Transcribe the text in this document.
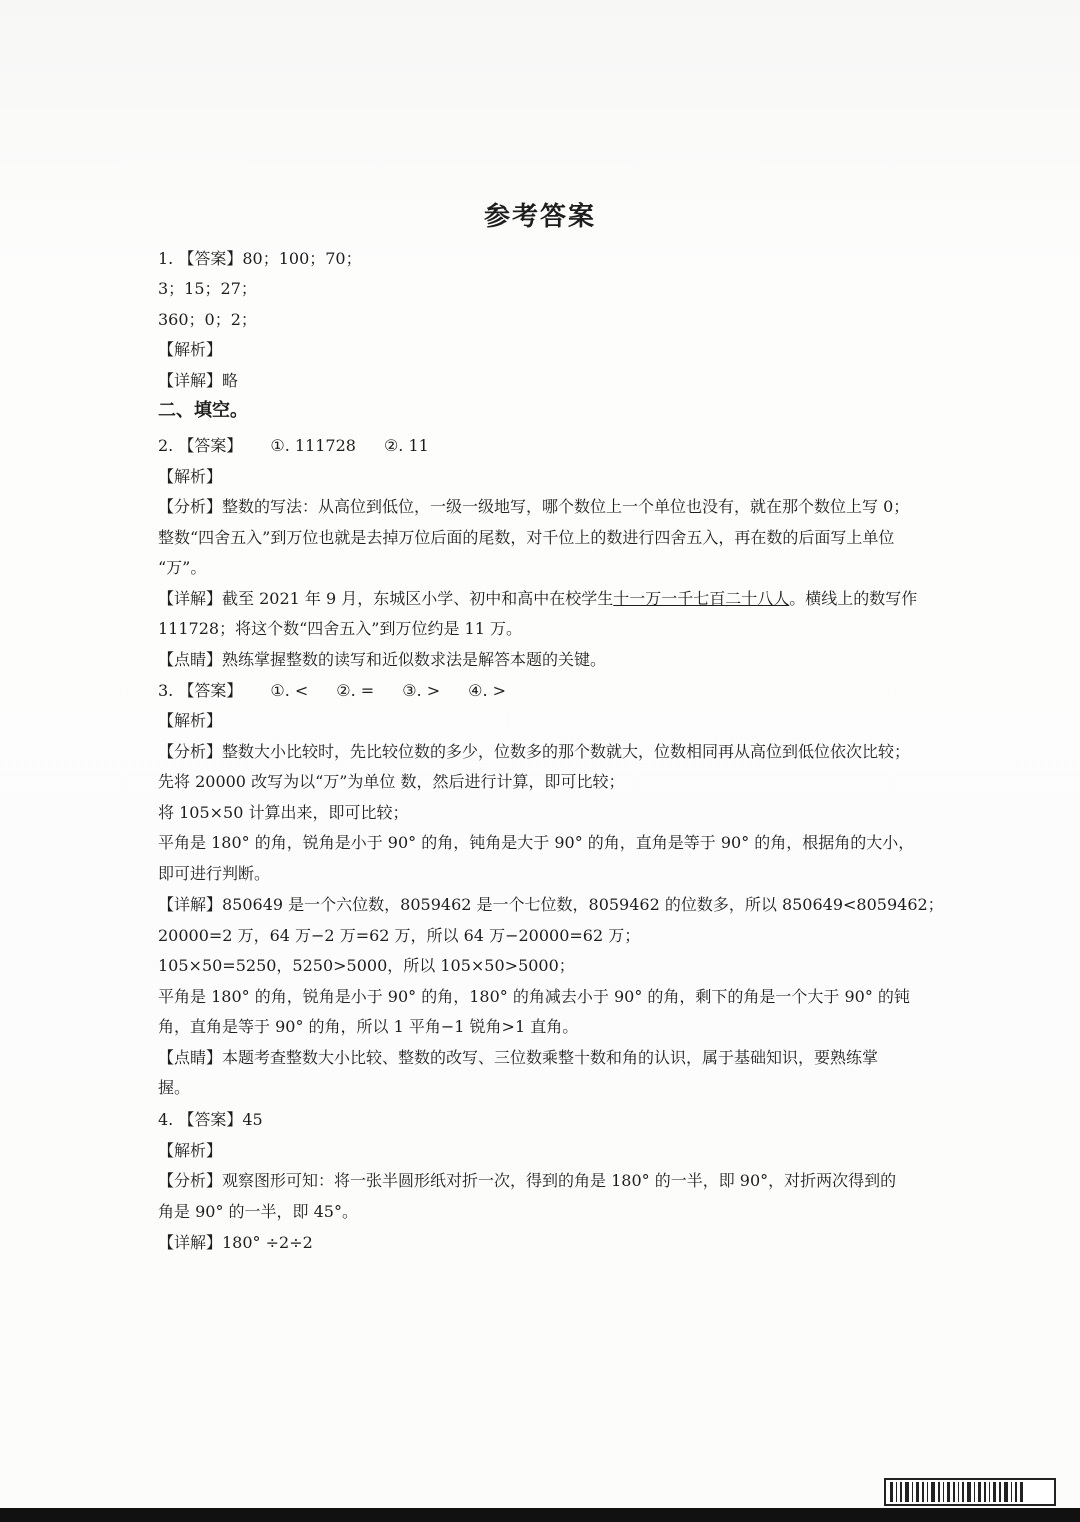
参考答案
1. 【答案】80；100；70；
3；15；27；
360；0；2；
【解析】
【详解】略
二、填空。
2. 【答案】 ①. 111728 ②. 11
【解析】
【分析】整数的写法：从高位到低位，一级一级地写，哪个数位上一个单位也没有，就在那个数位上写 0；
整数“四舍五入”到万位也就是去掉万位后面的尾数，对千位上的数进行四舍五入，再在数的后面写上单位
“万”。
【详解】截至 2021 年 9 月，东城区小学、初中和高中在校学生十一万一千七百二十八人。横线上的数写作
111728；将这个数“四舍五入”到万位约是 11 万。
【点睛】熟练掌握整数的读写和近似数求法是解答本题的关键。
3. 【答案】 ①. < ②. = ③. > ④. >
【解析】
【分析】整数大小比较时，先比较位数的多少，位数多的那个数就大，位数相同再从高位到低位依次比较；
先将 20000 改写为以“万”为单位 数，然后进行计算，即可比较；
将 105×50 计算出来，即可比较；
平角是 180° 的角，锐角是小于 90° 的角，钝角是大于 90° 的角，直角是等于 90° 的角，根据角的大小，
即可进行判断。
【详解】850649 是一个六位数，8059462 是一个七位数，8059462 的位数多，所以 850649<8059462；
20000=2 万，64 万−2 万=62 万，所以 64 万−20000=62 万；
105×50=5250，5250>5000，所以 105×50>5000；
平角是 180° 的角，锐角是小于 90° 的角，180° 的角减去小于 90° 的角，剩下的角是一个大于 90° 的钝
角，直角是等于 90° 的角，所以 1 平角−1 锐角>1 直角。
【点睛】本题考查整数大小比较、整数的改写、三位数乘整十数和角的认识，属于基础知识，要熟练掌
握。
4. 【答案】45
【解析】
【分析】观察图形可知：将一张半圆形纸对折一次，得到的角是 180° 的一半，即 90°，对折两次得到的
角是 90° 的一半，即 45°。
【详解】180° ÷2÷2
